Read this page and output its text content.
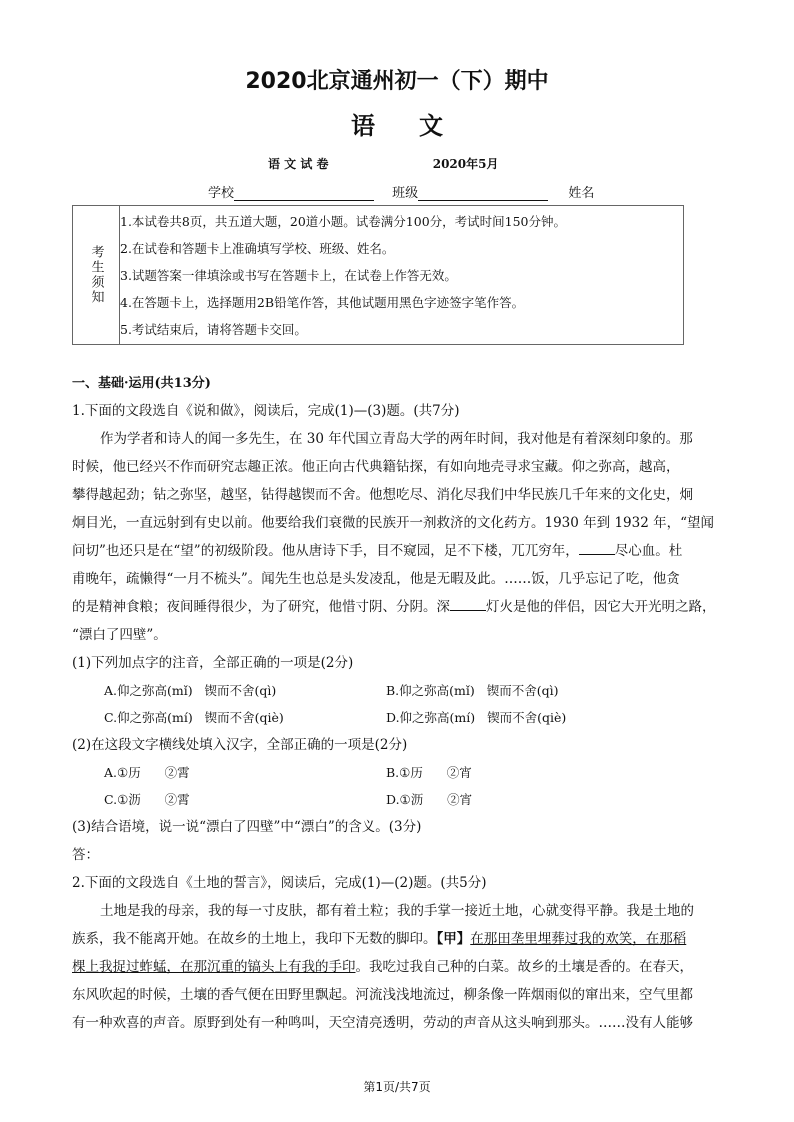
2020北京通州初一（下）期中
语文
语 文 试 卷	2020年5月
学校	班级	姓名
考生须知
1.本试卷共8页，共五道大题，20道小题。试卷满分100分，考试时间150分钟。
2.在试卷和答题卡上准确填写学校、班级、姓名。
3.试题答案一律填涂或书写在答题卡上，在试卷上作答无效。
4.在答题卡上，选择题用2B铅笔作答，其他试题用黑色字迹签字笔作答。
5.考试结束后，请将答题卡交回。
一、基础·运用(共13分)
1.下面的文段选自《说和做》，阅读后，完成(1)—(3)题。(共7分)
作为学者和诗人的闻一多先生，在 30 年代国立青岛大学的两年时间，我对他是有着深刻印象的。那
时候，他已经兴不作而研究志趣正浓。他正向古代典籍钻探，有如向地壳寻求宝藏。仰之弥高，越高，
攀得越起劲；钻之弥坚，越坚，钻得越锲而不舍。他想吃尽、消化尽我们中华民族几千年来的文化史，炯
炯目光，一直远射到有史以前。他要给我们衰微的民族开一剂救济的文化药方。1930 年到 1932 年，“望闻
问切”也还只是在“望”的初级阶段。他从唐诗下手，目不窥园，足不下楼，兀兀穷年，	尽心血。杜
甫晚年，疏懒得“一月不梳头”。闻先生也总是头发凌乱，他是无暇及此。……饭，几乎忘记了吃，他贪
的是精神食粮；夜间睡得很少，为了研究，他惜寸阴、分阴。深	灯火是他的伴侣，因它大开光明之路，
“漂白了四壁”。
(1)下列加点字的注音，全部正确的一项是(2分)
A.仰之弥高(mǐ) 锲而不舍(qì)	B.仰之弥高(mǐ) 锲而不舍(qì)
C.仰之弥高(mí) 锲而不舍(qiè)	D.仰之弥高(mí) 锲而不舍(qiè)
(2)在这段文字横线处填入汉字，全部正确的一项是(2分)
A.①历 ②霄	B.①历 ②宵
C.①沥 ②霄	D.①沥 ②宵
(3)结合语境，说一说“漂白了四壁”中“漂白”的含义。(3分)
答：
2.下面的文段选自《土地的誓言》，阅读后，完成(1)—(2)题。(共5分)
土地是我的母亲，我的每一寸皮肤，都有着土粒；我的手掌一接近土地，心就变得平静。我是土地的
族系，我不能离开她。在故乡的土地上，我印下无数的脚印。【甲】在那田垄里埋葬过我的欢笑，在那稻
棵上我捉过蚱蜢，在那沉重的镐头上有我的手印。我吃过我自己种的白菜。故乡的土壤是香的。在春天，
东风吹起的时候，土壤的香气便在田野里飘起。河流浅浅地流过，柳条像一阵烟雨似的窜出来，空气里都
有一种欢喜的声音。原野到处有一种鸣叫，天空清亮透明，劳动的声音从这头响到那头。……没有人能够
第1页/共7页
